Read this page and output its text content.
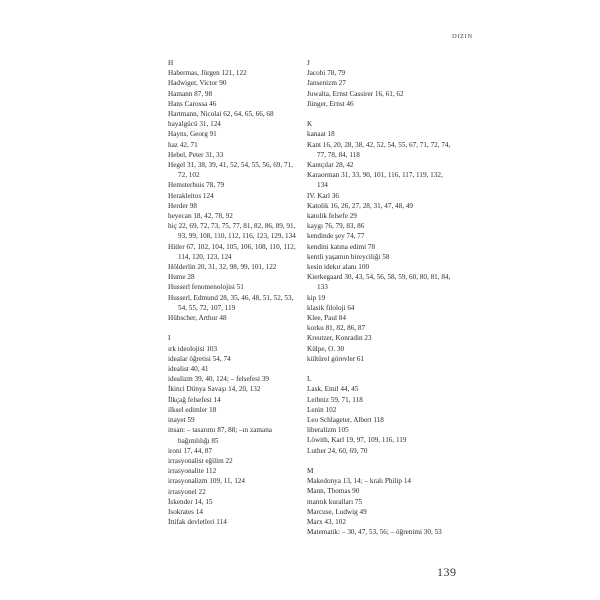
DIZIN
H
Habermas, Jürgen 121, 122
Hadwiger, Victor 90
Hamann 87, 98
Hans Carossa 46
Hartmann, Nicolai 62, 64, 65, 66, 68
hayalgücü 31, 124
Hayns, Georg 91
haz 42, 71
Hebel, Peter 31, 33
Hegel 31, 38, 39, 41, 52, 54, 55, 56, 69, 71, 72, 102
Hemsterhuis 78, 79
Herakleitos 124
Herder 98
heyecan 18, 42, 78, 92
hiç 22, 69, 72, 73, 75, 77, 81, 82, 86, 89, 91, 93, 99, 108, 110, 112, 116, 123, 129, 134
Hitler 67, 102, 104, 105, 106, 108, 110, 112, 114, 120, 123, 124
Hölderlin 20, 31, 32, 98, 99, 101, 122
Hume 28
Husserl fenomenolojisi 51
Husserl, Edmund 28, 35, 46, 48, 51, 52, 53, 54, 55, 72, 107, 119
Hübscher, Arthur 48
I
ırk ideolojisi 103
idealar öğretisi 54, 74
idealist 40, 41
idealizm 39, 40, 124; – felsefesi 39
İkinci Dünya Savaşı 14, 20, 132
İlkçağ felsefesi 14
ilksel edimler 18
inayet 59
insan: – tasarımı 87, 88; –ın zamana bağımlılığı 85
ironi 17, 44, 87
irrasyonalist eğilim 22
irrasyonalite 112
irrasyonalizm 109, 11, 124
irrasyonel 22
İskender 14, 15
Isokrates 14
İttifak devletleri 114
J
Jacobi 78, 79
Jansenizm 27
Juwalta, Ernst Cassirer 16, 61, 62
Jünger, Ernst 46
K
kanaat 18
Kant 16, 20, 28, 38, 42, 52, 54, 55, 67, 71, 72, 74, 77, 78, 84, 118
Kantçılar 28, 42
Karaorman 31, 33, 90, 101, 116, 117, 119, 132, 134
IV. Karl 36
Katolik 16, 26, 27, 28, 31, 47, 48, 49
katolik felsefe 29
kaygı 76, 79, 83, 86
kendinde şey 74, 77
kendini katına edimi 78
kentli yaşamın bireyciliği 58
kesin idekır alanı 100
Kierkegaard 30, 43, 54, 56, 58, 59, 60, 80, 81, 84, 133
kip 19
klasik filoloji 64
Klee, Paul 84
korku 81, 82, 86, 87
Kreutzer, Konradin 23
Külpe, O. 30
kültürel görevler 61
L
Lask, Emil 44, 45
Leibniz 59, 71, 118
Lenin 102
Leo Schlageter, Albert 118
liberalizm 105
Löwith, Karl 19, 97, 109, 116, 119
Luther 24, 60, 69, 70
M
Makedonya 13, 14; – kralı Philip 14
Mann, Thomas 90
mantık kuralları 75
Marcuse, Ludwig 49
Marx 43, 102
Matematik: – 30, 47, 53, 56; – öğrenimi 30, 53
139
